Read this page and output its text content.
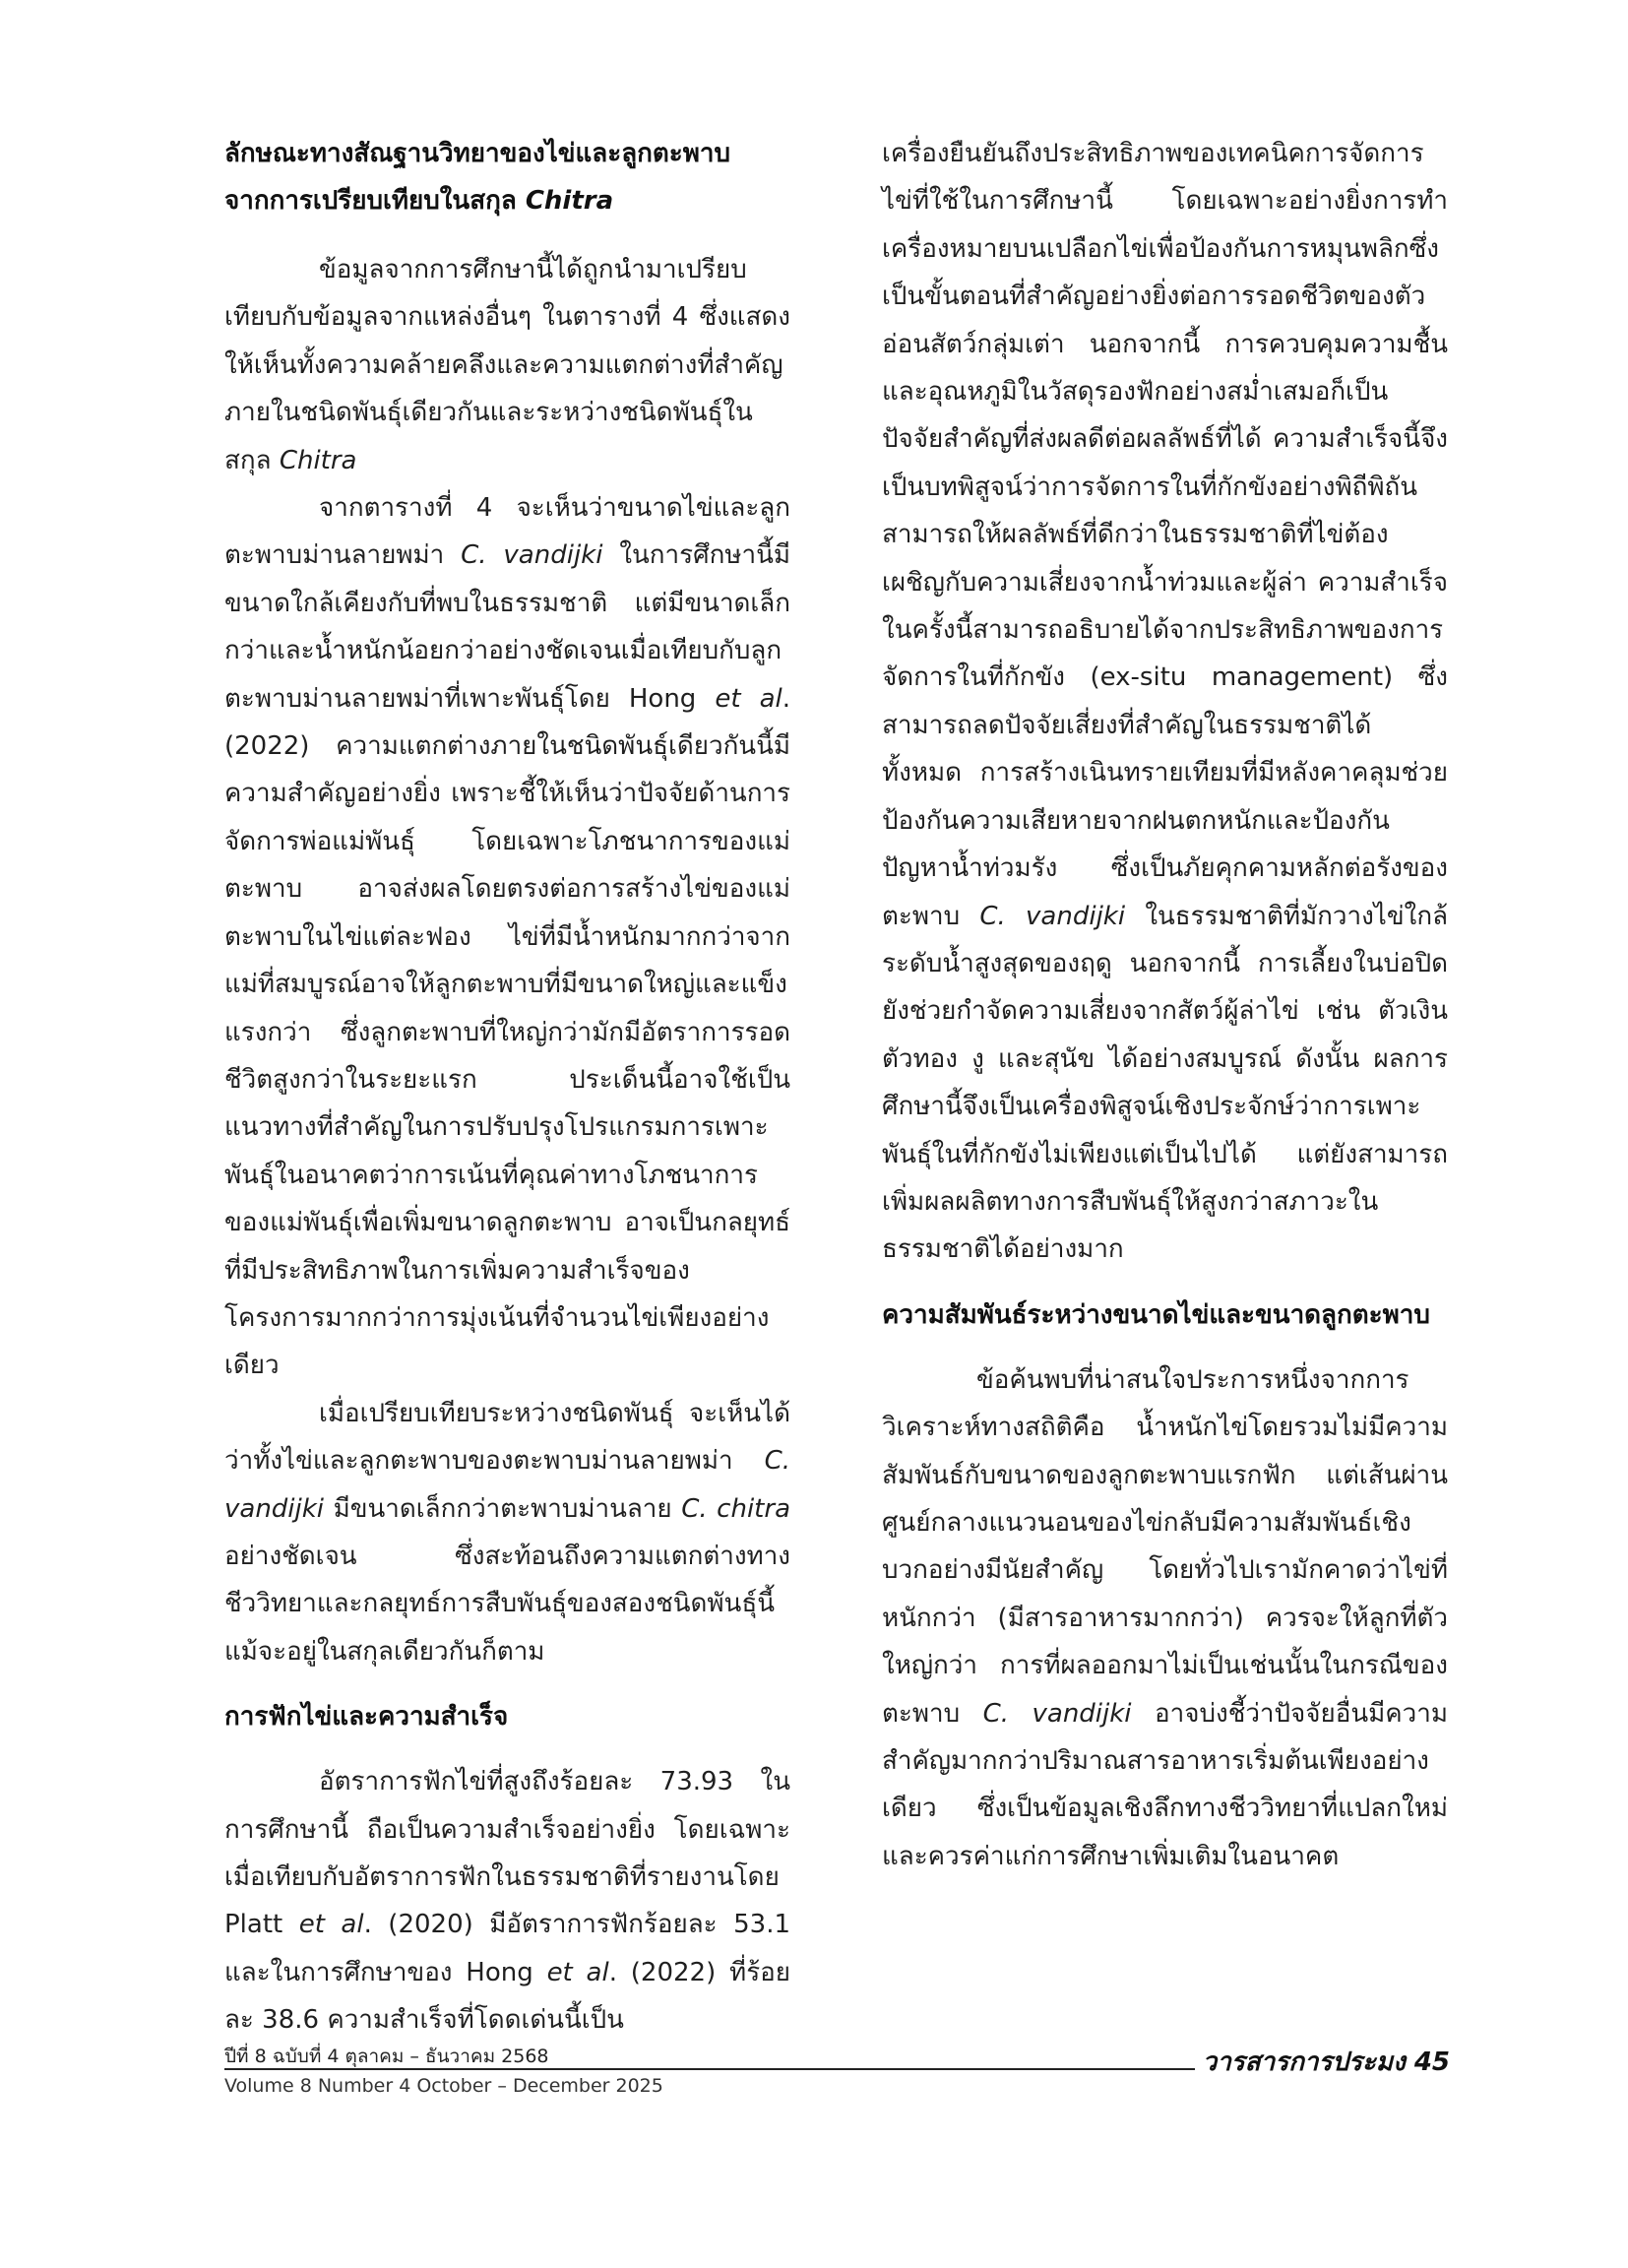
ลักษณะทางสัณฐานวิทยาของไข่และลูกตะพาบ
จากการเปรียบเทียบในสกุล Chitra

ข้อมูลจากการศึกษานี้ได้ถูกนำมาเปรียบเทียบกับข้อมูลจากแหล่งอื่นๆ ในตารางที่ 4 ซึ่งแสดงให้เห็นทั้งความคล้ายคลึงและความแตกต่างที่สำคัญภายในชนิดพันธุ์เดียวกันและระหว่างชนิดพันธุ์ในสกุล Chitra

จากตารางที่ 4 จะเห็นว่าขนาดไข่และลูกตะพาบม่านลายพม่า C. vandijki ในการศึกษานี้มีขนาดใกล้เคียงกับที่พบในธรรมชาติ แต่มีขนาดเล็กกว่าและน้ำหนักน้อยกว่าอย่างชัดเจนเมื่อเทียบกับลูกตะพาบม่านลายพม่าที่เพาะพันธุ์โดย Hong et al. (2022) ความแตกต่างภายในชนิดพันธุ์เดียวกันนี้มีความสำคัญอย่างยิ่ง เพราะชี้ให้เห็นว่าปัจจัยด้านการจัดการพ่อแม่พันธุ์ โดยเฉพาะโภชนาการของแม่ตะพาบ อาจส่งผลโดยตรงต่อการสร้างไข่ของแม่ตะพาบในไข่แต่ละฟอง ไข่ที่มีน้ำหนักมากกว่าจากแม่ที่สมบูรณ์อาจให้ลูกตะพาบที่มีขนาดใหญ่และแข็งแรงกว่า ซึ่งลูกตะพาบที่ใหญ่กว่ามักมีอัตราการรอดชีวิตสูงกว่าในระยะแรก ประเด็นนี้อาจใช้เป็นแนวทางที่สำคัญในการปรับปรุงโปรแกรมการเพาะพันธุ์ในอนาคตว่าการเน้นที่คุณค่าทางโภชนาการของแม่พันธุ์เพื่อเพิ่มขนาดลูกตะพาบ อาจเป็นกลยุทธ์ที่มีประสิทธิภาพในการเพิ่มความสำเร็จของโครงการมากกว่าการมุ่งเน้นที่จำนวนไข่เพียงอย่างเดียว

เมื่อเปรียบเทียบระหว่างชนิดพันธุ์ จะเห็นได้ว่าทั้งไข่และลูกตะพาบของตะพาบม่านลายพม่า C. vandijki มีขนาดเล็กกว่าตะพาบม่านลาย C. chitra อย่างชัดเจน ซึ่งสะท้อนถึงความแตกต่างทางชีววิทยาและกลยุทธ์การสืบพันธุ์ของสองชนิดพันธุ์นี้ แม้จะอยู่ในสกุลเดียวกันก็ตาม

การฟักไข่และความสำเร็จ

อัตราการฟักไข่ที่สูงถึงร้อยละ 73.93 ในการศึกษานี้ ถือเป็นความสำเร็จอย่างยิ่ง โดยเฉพาะเมื่อเทียบกับอัตราการฟักในธรรมชาติที่รายงานโดย Platt et al. (2020) มีอัตราการฟักร้อยละ 53.1 และในการศึกษาของ Hong et al. (2022) ที่ร้อยละ 38.6 ความสำเร็จที่โดดเด่นนี้เป็น

เครื่องยืนยันถึงประสิทธิภาพของเทคนิคการจัดการไข่ที่ใช้ในการศึกษานี้ โดยเฉพาะอย่างยิ่งการทำเครื่องหมายบนเปลือกไข่เพื่อป้องกันการหมุนพลิกซึ่งเป็นขั้นตอนที่สำคัญอย่างยิ่งต่อการรอดชีวิตของตัวอ่อนสัตว์กลุ่มเต่า นอกจากนี้ การควบคุมความชื้นและอุณหภูมิในวัสดุรองฟักอย่างสม่ำเสมอก็เป็นปัจจัยสำคัญที่ส่งผลดีต่อผลลัพธ์ที่ได้ ความสำเร็จนี้จึงเป็นบทพิสูจน์ว่าการจัดการในที่กักขังอย่างพิถีพิถันสามารถให้ผลลัพธ์ที่ดีกว่าในธรรมชาติที่ไข่ต้องเผชิญกับความเสี่ยงจากน้ำท่วมและผู้ล่า ความสำเร็จในครั้งนี้สามารถอธิบายได้จากประสิทธิภาพของการจัดการในที่กักขัง (ex-situ management) ซึ่งสามารถลดปัจจัยเสี่ยงที่สำคัญในธรรมชาติได้ทั้งหมด การสร้างเนินทรายเทียมที่มีหลังคาคลุมช่วยป้องกันความเสียหายจากฝนตกหนักและป้องกันปัญหาน้ำท่วมรัง ซึ่งเป็นภัยคุกคามหลักต่อรังของตะพาบ C. vandijki ในธรรมชาติที่มักวางไข่ใกล้ระดับน้ำสูงสุดของฤดู นอกจากนี้ การเลี้ยงในบ่อปิดยังช่วยกำจัดความเสี่ยงจากสัตว์ผู้ล่าไข่ เช่น ตัวเงินตัวทอง งู และสุนัข ได้อย่างสมบูรณ์ ดังนั้น ผลการศึกษานี้จึงเป็นเครื่องพิสูจน์เชิงประจักษ์ว่าการเพาะพันธุ์ในที่กักขังไม่เพียงแต่เป็นไปได้ แต่ยังสามารถเพิ่มผลผลิตทางการสืบพันธุ์ให้สูงกว่าสภาวะในธรรมชาติได้อย่างมาก

ความสัมพันธ์ระหว่างขนาดไข่และขนาดลูกตะพาบ

ข้อค้นพบที่น่าสนใจประการหนึ่งจากการวิเคราะห์ทางสถิติคือ น้ำหนักไข่โดยรวมไม่มีความสัมพันธ์กับขนาดของลูกตะพาบแรกฟัก แต่เส้นผ่านศูนย์กลางแนวนอนของไข่กลับมีความสัมพันธ์เชิงบวกอย่างมีนัยสำคัญ โดยทั่วไปเรามักคาดว่าไข่ที่หนักกว่า (มีสารอาหารมากกว่า) ควรจะให้ลูกที่ตัวใหญ่กว่า การที่ผลออกมาไม่เป็นเช่นนั้นในกรณีของตะพาบ C. vandijki อาจบ่งชี้ว่าปัจจัยอื่นมีความสำคัญมากกว่าปริมาณสารอาหารเริ่มต้นเพียงอย่างเดียว ซึ่งเป็นข้อมูลเชิงลึกทางชีววิทยาที่แปลกใหม่และควรค่าแก่การศึกษาเพิ่มเติมในอนาคต

ปีที่ 8 ฉบับที่ 4 ตุลาคม – ธันวาคม 2568
Volume 8 Number 4 October – December 2025
วารสารการประมง 45
